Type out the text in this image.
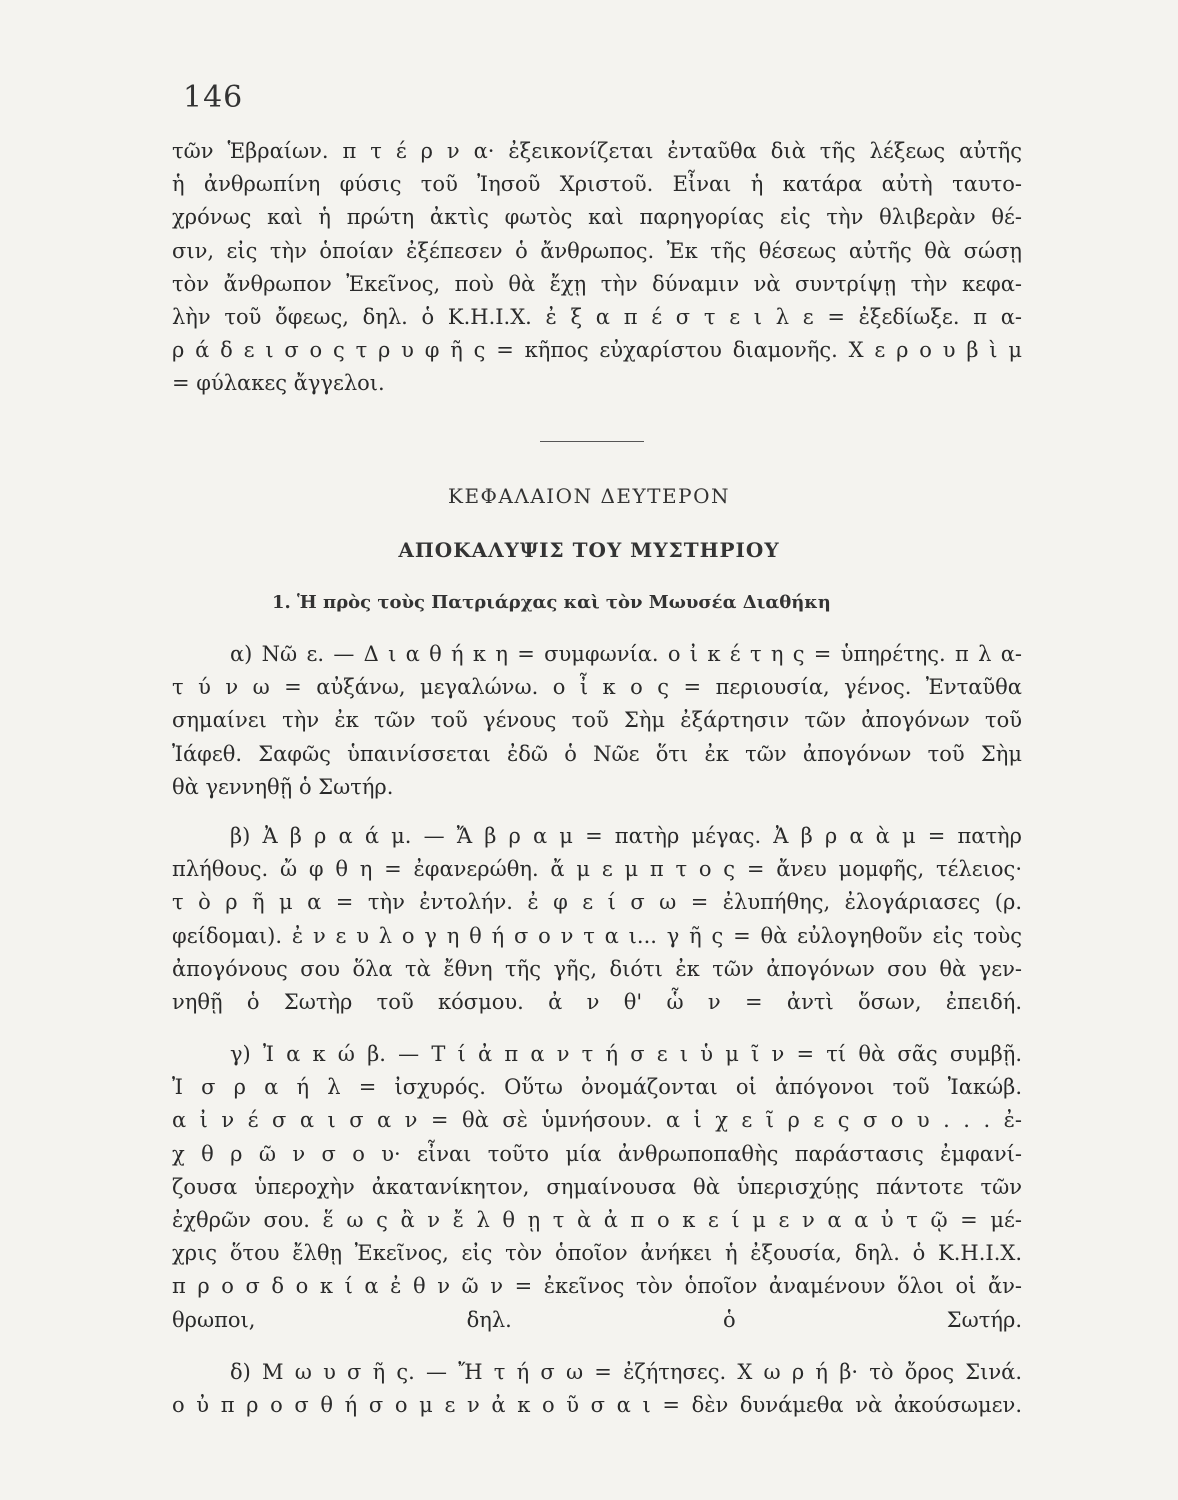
146
τῶν Ἑβραίων. π τ έ ρ ν α· ἐξεικονίζεται ἐνταῦθα διὰ τῆς λέξεως αὐτῆς
ἡ ἀνθρωπίνη φύσις τοῦ Ἰησοῦ Χριστοῦ. Εἶναι ἡ κατάρα αὐτὴ ταυτο-
χρόνως καὶ ἡ πρώτη ἀκτὶς φωτὸς καὶ παρηγορίας εἰς τὴν θλιβερὰν θέ-
σιν, εἰς τὴν ὁποίαν ἐξέπεσεν ὁ ἄνθρωπος. Ἐκ τῆς θέσεως αὐτῆς θὰ σώσῃ
τὸν ἄνθρωπον Ἐκεῖνος, ποὺ θὰ ἔχῃ τὴν δύναμιν νὰ συντρίψῃ τὴν κεφα-
λὴν τοῦ ὄφεως, δηλ. ὁ Κ.Η.Ι.Χ. ἐ ξ α π έ σ τ ε ι λ ε = ἐξεδίωξε. π α-
ρ ά δ ε ι σ ο ς τ ρ υ φ ῆ ς = κῆπος εὐχαρίστου διαμονῆς. Χ ε ρ ο υ β ὶ μ
= φύλακες ἄγγελοι.
ΚΕΦΑΛΑΙΟΝ ΔΕΥΤΕΡΟΝ
ΑΠΟΚΑΛΥΨΙΣ ΤΟΥ ΜΥΣΤΗΡΙΟΥ
1. Ἡ πρὸς τοὺς Πατριάρχας καὶ τὸν Μωυσέα Διαθήκη
α) Νῶ ε. — Δ ι α θ ή κ η = συμφωνία. ο ἰ κ έ τ η ς = ὑπηρέτης. π λ α-
τ ύ ν ω = αὐξάνω, μεγαλώνω. ο ἶ κ ο ς = περιουσία, γένος. Ἐνταῦθα
σημαίνει τὴν ἐκ τῶν τοῦ γένους τοῦ Σὴμ ἐξάρτησιν τῶν ἀπογόνων τοῦ
Ἰάφεθ. Σαφῶς ὑπαινίσσεται ἐδῶ ὁ Νῶε ὅτι ἐκ τῶν ἀπογόνων τοῦ Σὴμ
θὰ γεννηθῇ ὁ Σωτήρ.
β) Ἀ β ρ α ά μ. — Ἄ β ρ α μ = πατὴρ μέγας. Ἀ β ρ α ὰ μ = πατὴρ
πλήθους. ὤ φ θ η = ἐφανερώθη. ἄ μ ε μ π τ ο ς = ἄνευ μομφῆς, τέλειος·
τ ὸ ρ ῆ μ α = τὴν ἐντολήν. ἐ φ ε ί σ ω = ἐλυπήθης, ἐλογάριασες (ρ.
φείδομαι). ἐ ν ε υ λ ο γ η θ ή σ ο ν τ α ι... γ ῆ ς = θὰ εὐλογηθοῦν εἰς τοὺς
ἀπογόνους σου ὅλα τὰ ἔθνη τῆς γῆς, διότι ἐκ τῶν ἀπογόνων σου θὰ γεν-
νηθῇ ὁ Σωτὴρ τοῦ κόσμου. ἀ ν θ' ὧ ν = ἀντὶ ὅσων, ἐπειδή.
γ) Ἰ α κ ώ β. — Τ ί ἀ π α ν τ ή σ ε ι ὑ μ ῖ ν = τί θὰ σᾶς συμβῇ.
Ἰ σ ρ α ή λ = ἰσχυρός. Οὕτω ὀνομάζονται οἱ ἀπόγονοι τοῦ Ἰακώβ.
α ἰ ν έ σ α ι σ α ν = θὰ σὲ ὑμνήσουν. α ἱ χ ε ῖ ρ ε ς σ ο υ . . . ἐ-
χ θ ρ ῶ ν σ ο υ· εἶναι τοῦτο μία ἀνθρωποπαθὴς παράστασις ἐμφανί-
ζουσα ὑπεροχὴν ἀκατανίκητον, σημαίνουσα θὰ ὑπερισχύῃς πάντοτε τῶν
ἐχθρῶν σου. ἕ ω ς ἂ ν ἔ λ θ ῃ τ ὰ ἀ π ο κ ε ί μ ε ν α α ὐ τ ῷ = μέ-
χρις ὅτου ἔλθῃ Ἐκεῖνος, εἰς τὸν ὁποῖον ἀνήκει ἡ ἐξουσία, δηλ. ὁ Κ.Η.Ι.Χ.
π ρ ο σ δ ο κ ί α ἐ θ ν ῶ ν = ἐκεῖνος τὸν ὁποῖον ἀναμένουν ὅλοι οἱ ἄν-
θρωποι, δηλ. ὁ Σωτήρ.
δ) Μ ω υ σ ῆ ς. — Ἤ τ ή σ ω = ἐζήτησες. Χ ω ρ ή β· τὸ ὄρος Σινά.
ο ὐ π ρ ο σ θ ή σ ο μ ε ν ἀ κ ο ῦ σ α ι = δὲν δυνάμεθα νὰ ἀκούσωμεν.
